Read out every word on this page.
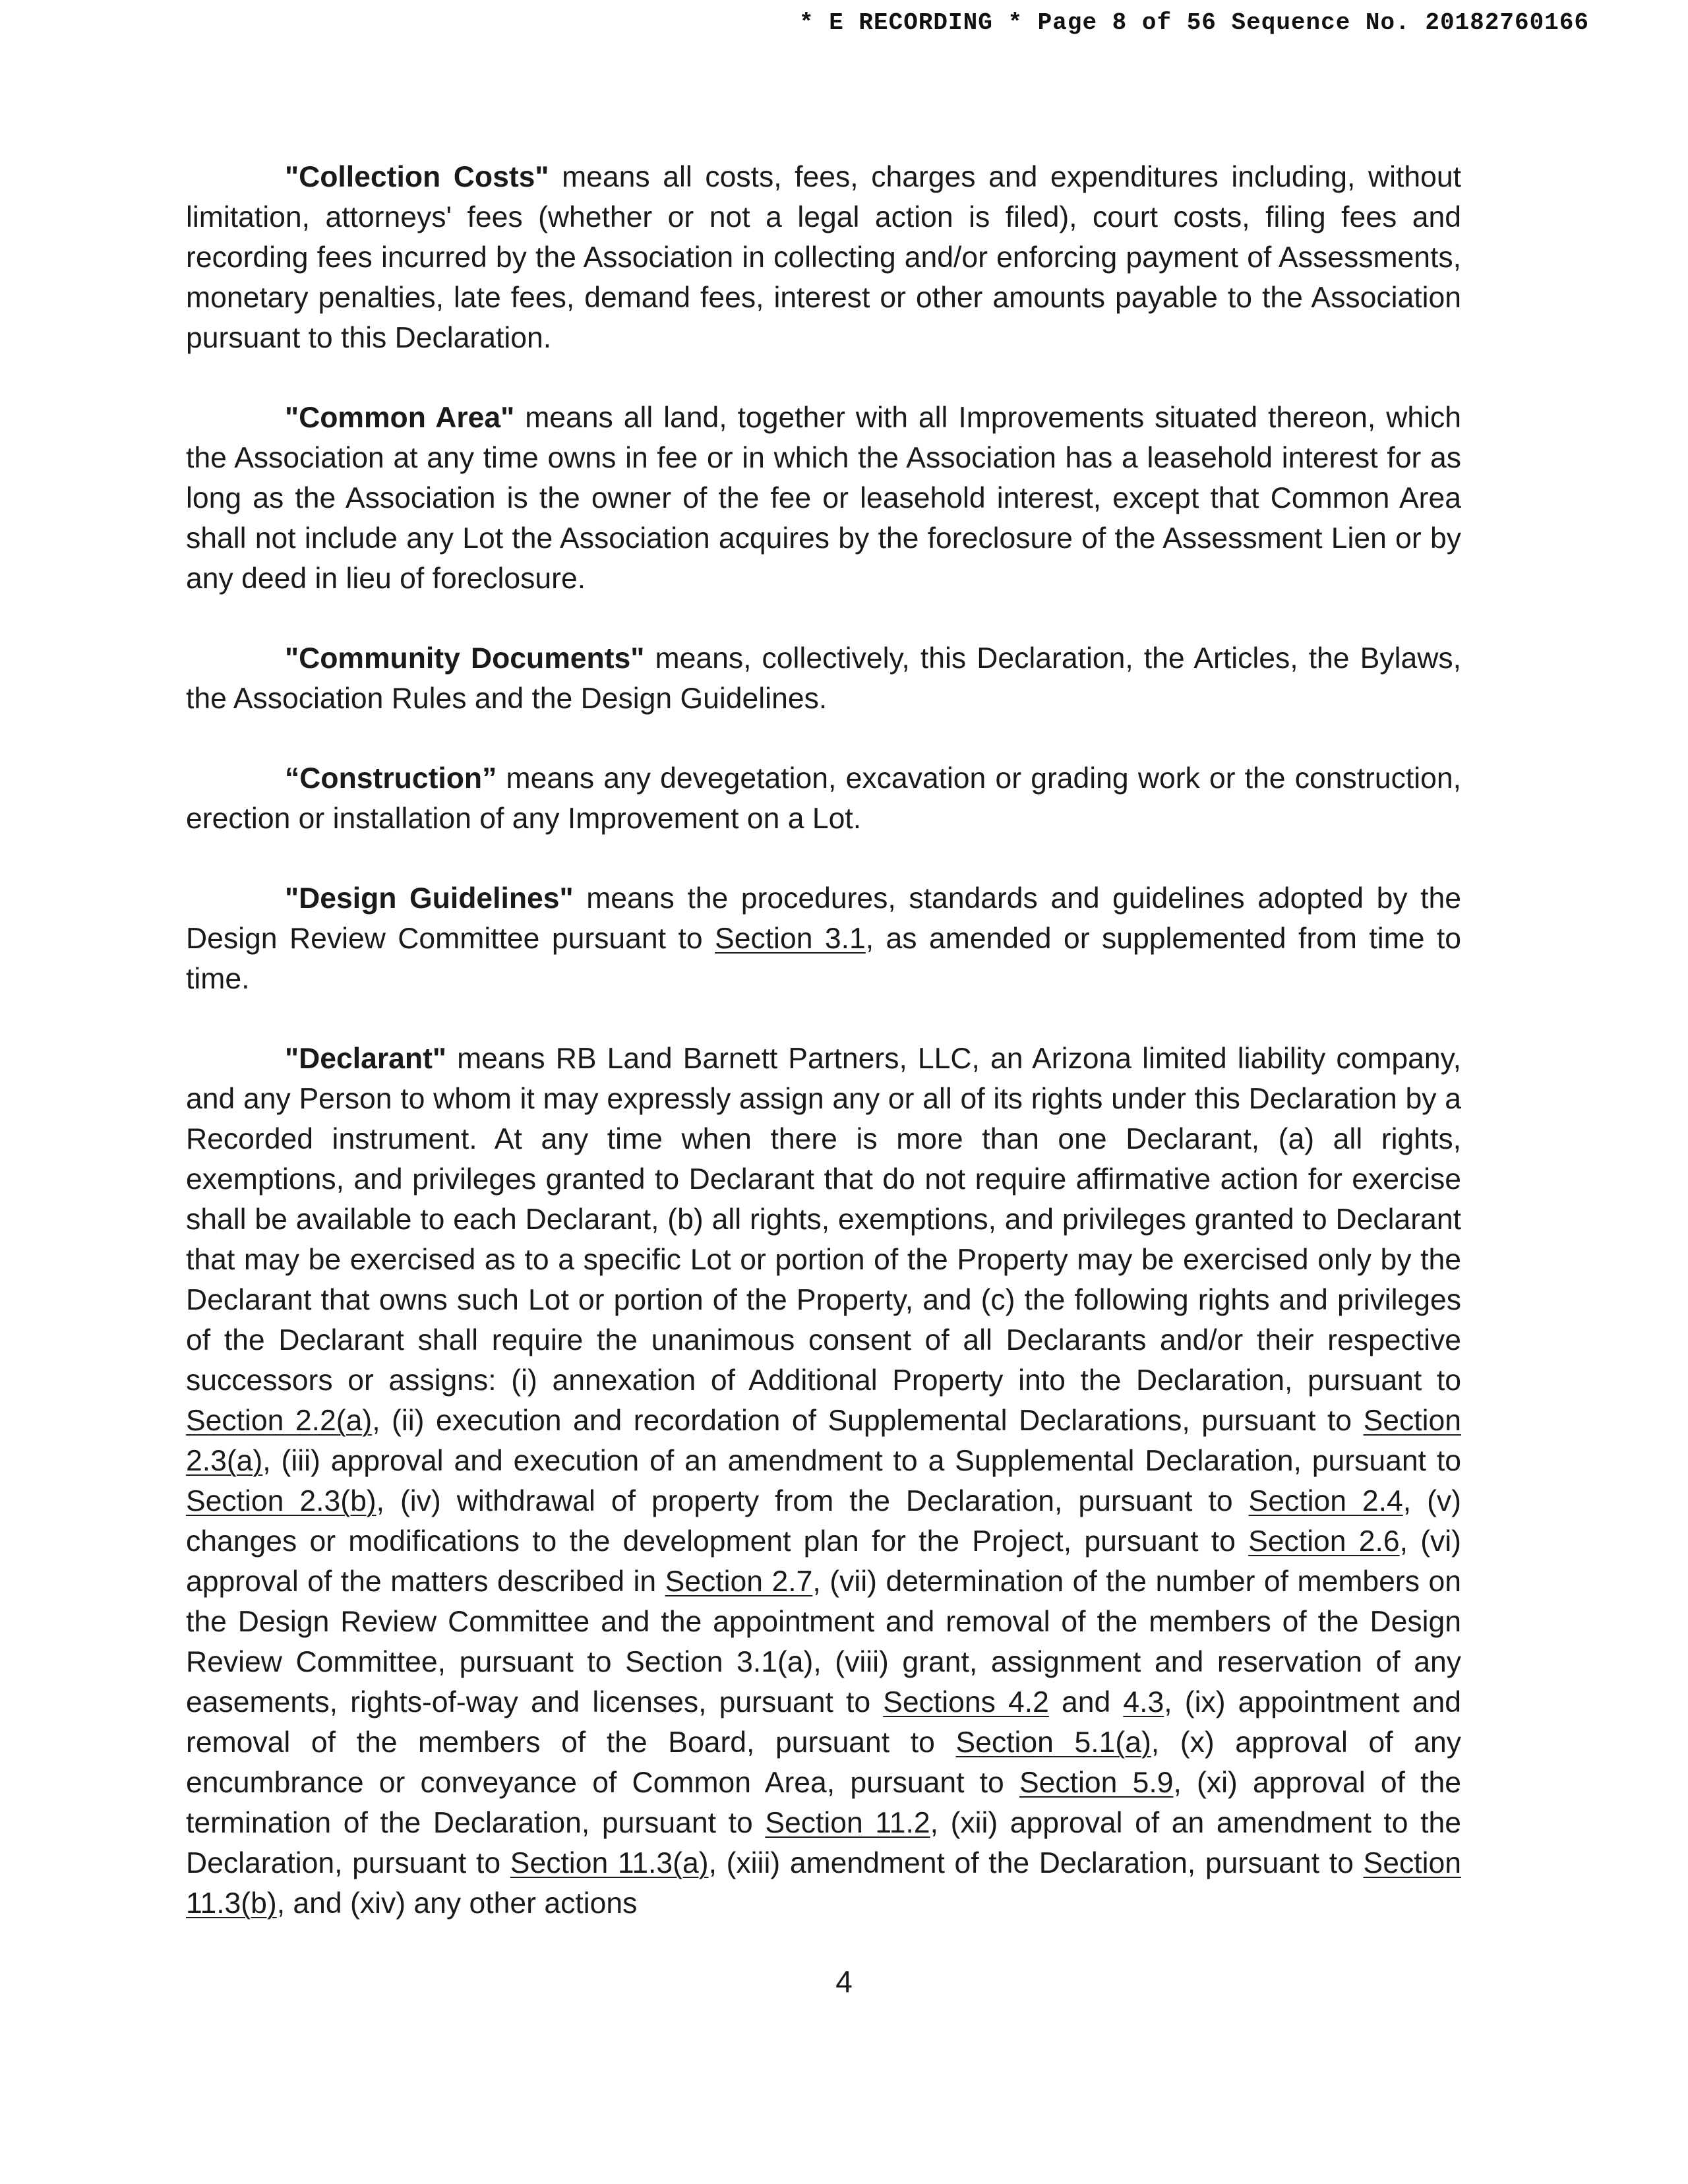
* E RECORDING * Page 8 of 56 Sequence No. 20182760166

"Collection Costs" means all costs, fees, charges and expenditures including, without limitation, attorneys' fees (whether or not a legal action is filed), court costs, filing fees and recording fees incurred by the Association in collecting and/or enforcing payment of Assessments, monetary penalties, late fees, demand fees, interest or other amounts payable to the Association pursuant to this Declaration.

"Common Area" means all land, together with all Improvements situated thereon, which the Association at any time owns in fee or in which the Association has a leasehold interest for as long as the Association is the owner of the fee or leasehold interest, except that Common Area shall not include any Lot the Association acquires by the foreclosure of the Assessment Lien or by any deed in lieu of foreclosure.

"Community Documents" means, collectively, this Declaration, the Articles, the Bylaws, the Association Rules and the Design Guidelines.

“Construction” means any devegetation, excavation or grading work or the construction, erection or installation of any Improvement on a Lot.

"Design Guidelines" means the procedures, standards and guidelines adopted by the Design Review Committee pursuant to Section 3.1, as amended or supplemented from time to time.

"Declarant" means RB Land Barnett Partners, LLC, an Arizona limited liability company, and any Person to whom it may expressly assign any or all of its rights under this Declaration by a Recorded instrument. At any time when there is more than one Declarant, (a) all rights, exemptions, and privileges granted to Declarant that do not require affirmative action for exercise shall be available to each Declarant, (b) all rights, exemptions, and privileges granted to Declarant that may be exercised as to a specific Lot or portion of the Property may be exercised only by the Declarant that owns such Lot or portion of the Property, and (c) the following rights and privileges of the Declarant shall require the unanimous consent of all Declarants and/or their respective successors or assigns: (i) annexation of Additional Property into the Declaration, pursuant to Section 2.2(a), (ii) execution and recordation of Supplemental Declarations, pursuant to Section 2.3(a), (iii) approval and execution of an amendment to a Supplemental Declaration, pursuant to Section 2.3(b), (iv) withdrawal of property from the Declaration, pursuant to Section 2.4, (v) changes or modifications to the development plan for the Project, pursuant to Section 2.6, (vi) approval of the matters described in Section 2.7, (vii) determination of the number of members on the Design Review Committee and the appointment and removal of the members of the Design Review Committee, pursuant to Section 3.1(a), (viii) grant, assignment and reservation of any easements, rights-of-way and licenses, pursuant to Sections 4.2 and 4.3, (ix) appointment and removal of the members of the Board, pursuant to Section 5.1(a), (x) approval of any encumbrance or conveyance of Common Area, pursuant to Section 5.9, (xi) approval of the termination of the Declaration, pursuant to Section 11.2, (xii) approval of an amendment to the Declaration, pursuant to Section 11.3(a), (xiii) amendment of the Declaration, pursuant to Section 11.3(b), and (xiv) any other actions

4
